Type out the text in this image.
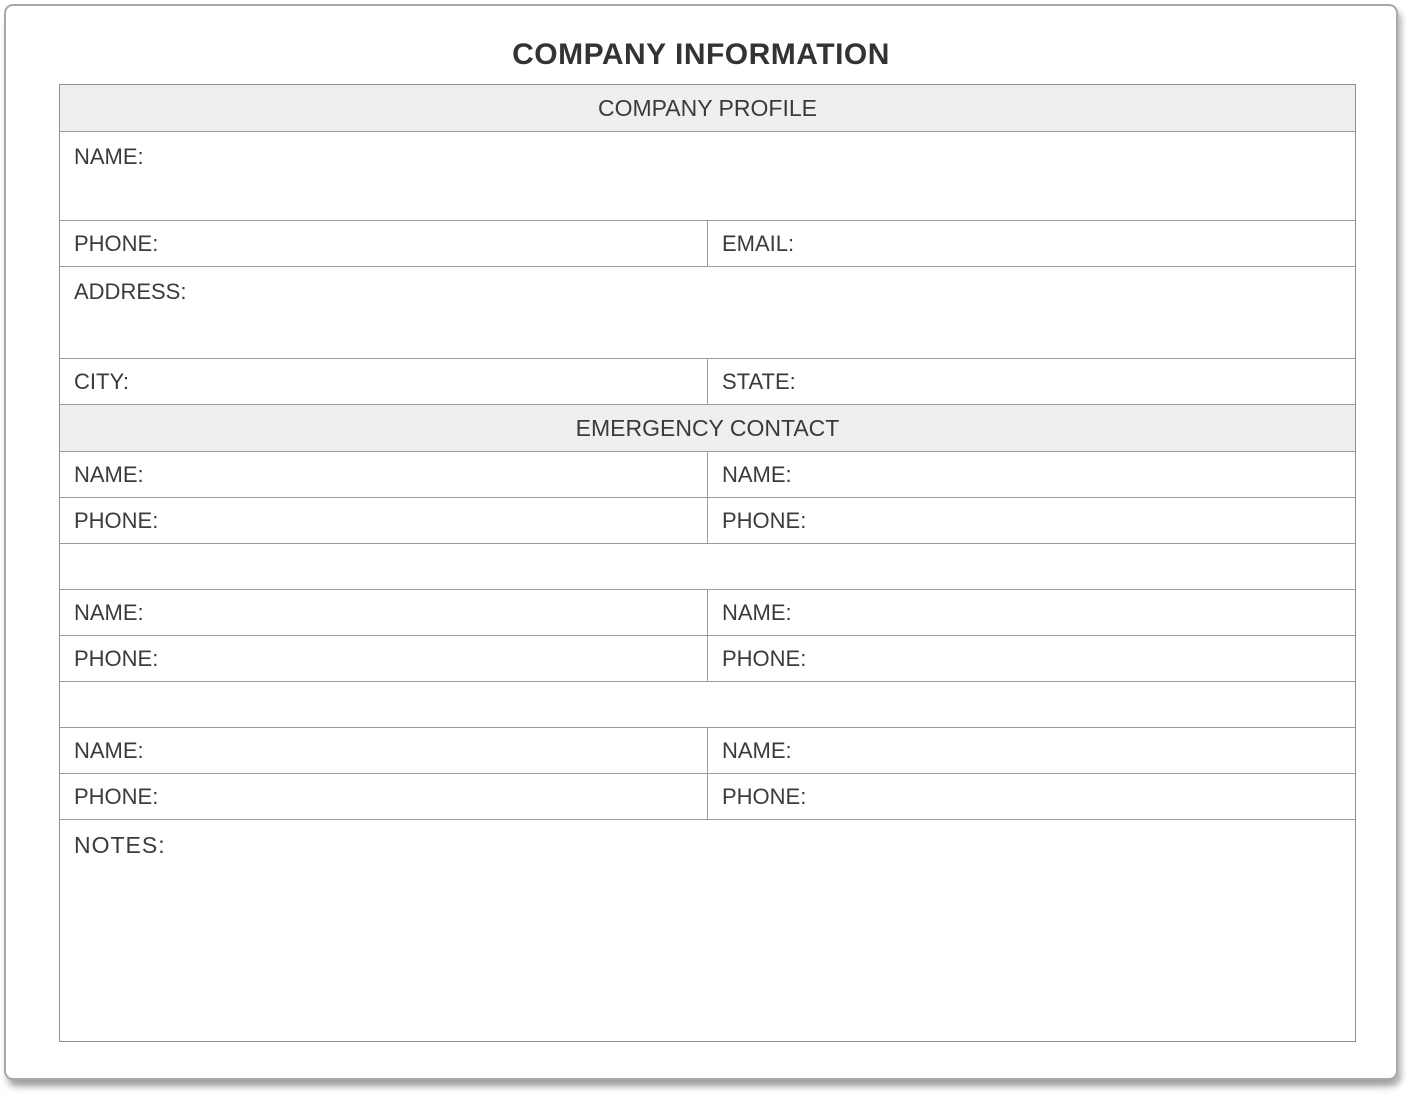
COMPANY INFORMATION
COMPANY PROFILE
NAME:
PHONE:	EMAIL:
ADDRESS:
CITY:	STATE:
EMERGENCY CONTACT
NAME:	NAME:
PHONE:	PHONE:
NAME:	NAME:
PHONE:	PHONE:
NAME:	NAME:
PHONE:	PHONE:
NOTES:
